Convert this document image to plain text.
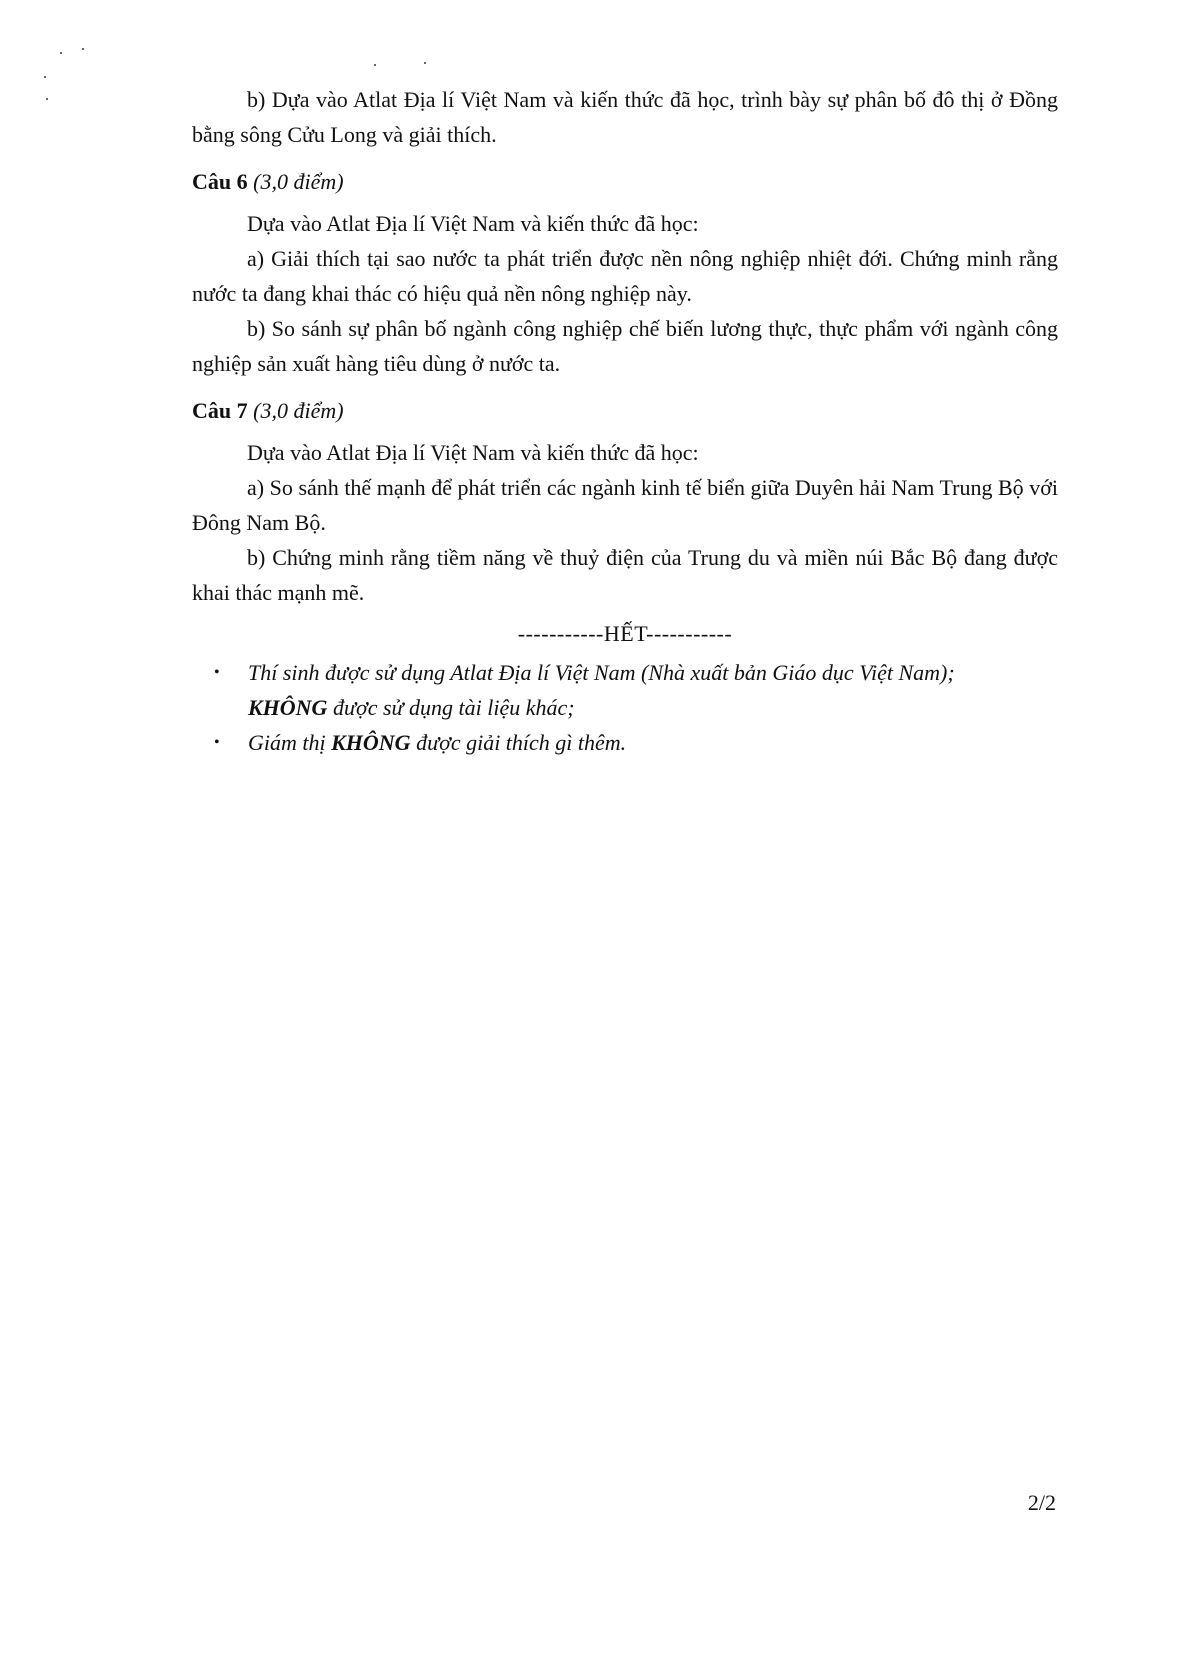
b) Dựa vào Atlat Địa lí Việt Nam và kiến thức đã học, trình bày sự phân bố đô thị ở Đồng bằng sông Cửu Long và giải thích.

Câu 6 (3,0 điểm)

Dựa vào Atlat Địa lí Việt Nam và kiến thức đã học:

a) Giải thích tại sao nước ta phát triển được nền nông nghiệp nhiệt đới. Chứng minh rằng nước ta đang khai thác có hiệu quả nền nông nghiệp này.

b) So sánh sự phân bố ngành công nghiệp chế biến lương thực, thực phẩm với ngành công nghiệp sản xuất hàng tiêu dùng ở nước ta.

Câu 7 (3,0 điểm)

Dựa vào Atlat Địa lí Việt Nam và kiến thức đã học:

a) So sánh thế mạnh để phát triển các ngành kinh tế biển giữa Duyên hải Nam Trung Bộ với Đông Nam Bộ.

b) Chứng minh rằng tiềm năng về thuỷ điện của Trung du và miền núi Bắc Bộ đang được khai thác mạnh mẽ.

-----------HẾT-----------

• Thí sinh được sử dụng Atlat Địa lí Việt Nam (Nhà xuất bản Giáo dục Việt Nam);
KHÔNG được sử dụng tài liệu khác;
• Giám thị KHÔNG được giải thích gì thêm.
2/2
